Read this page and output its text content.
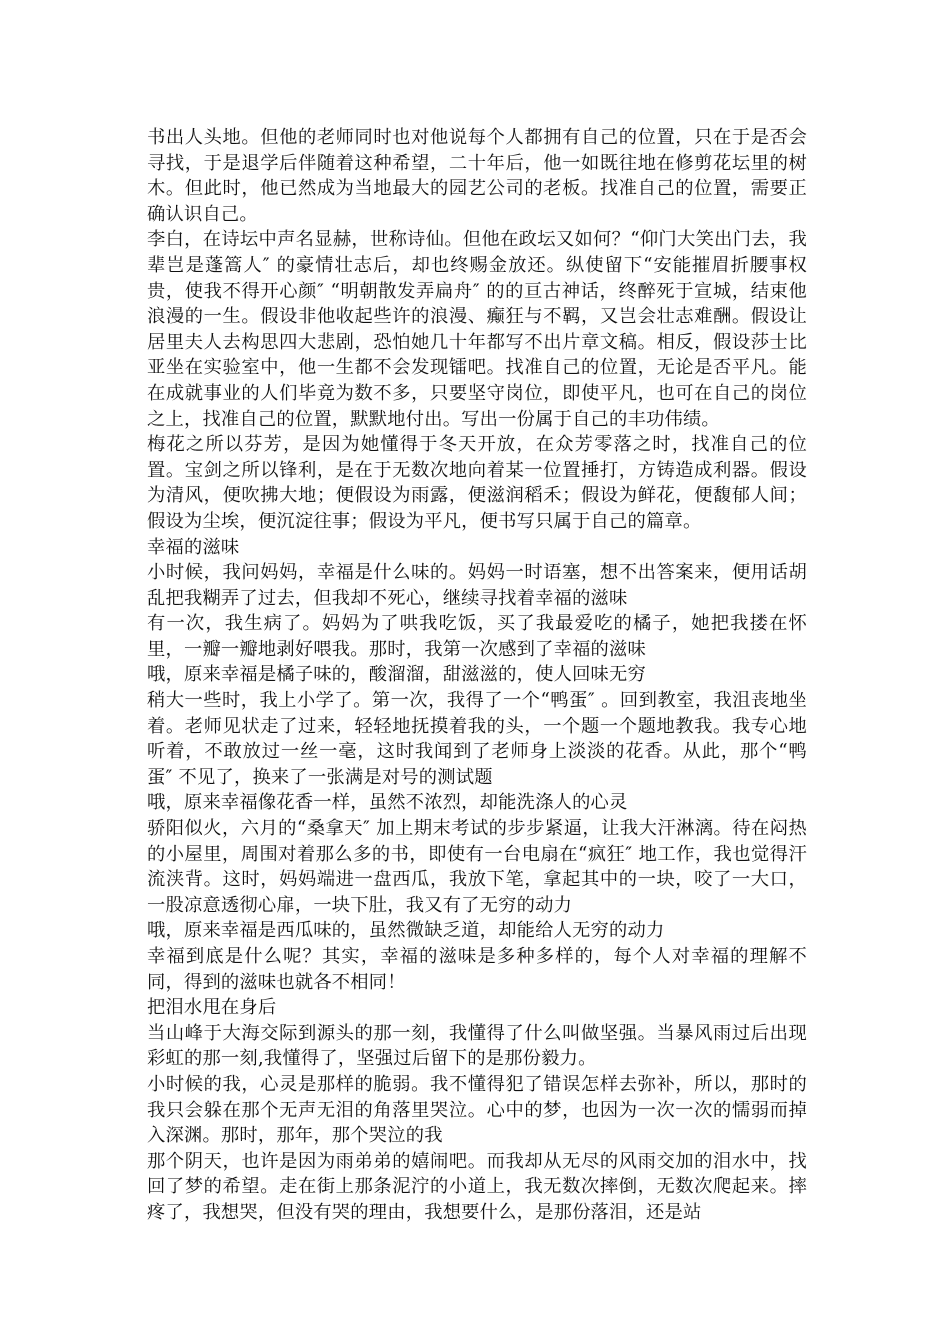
书出人头地。但他的老师同时也对他说每个人都拥有自己的位置，只在于是否会寻找，于是退学后伴随着这种希望，二十年后，他一如既往地在修剪花坛里的树木。但此时，他已然成为当地最大的园艺公司的老板。找准自己的位置，需要正确认识自己。

李白，在诗坛中声名显赫，世称诗仙。但他在政坛又如何？“仰门大笑出门去，我辈岂是蓬篙人″ 的豪情壮志后，却也终赐金放还。纵使留下“安能摧眉折腰事权贵，使我不得开心颜″ “明朝散发弄扁舟″ 的的亘古神话，终醉死于宣城，结束他浪漫的一生。假设非他收起些许的浪漫、癫狂与不羁，又岂会壮志难酬。假设让居里夫人去构思四大悲剧，恐怕她几十年都写不出片章文稿。相反，假设莎士比亚坐在实验室中，他一生都不会发现镭吧。找准自己的位置，无论是否平凡。能在成就事业的人们毕竟为数不多，只要坚守岗位，即使平凡，也可在自己的岗位之上，找准自己的位置，默默地付出。写出一份属于自己的丰功伟绩。

梅花之所以芬芳，是因为她懂得于冬天开放，在众芳零落之时，找准自己的位置。宝剑之所以锋利，是在于无数次地向着某一位置捶打，方铸造成利器。假设为清风，便吹拂大地；便假设为雨露，便滋润稻禾；假设为鲜花，便馥郁人间；假设为尘埃，便沉淀往事；假设为平凡，便书写只属于自己的篇章。

幸福的滋味

小时候，我问妈妈，幸福是什么味的。妈妈一时语塞，想不出答案来，便用话胡乱把我糊弄了过去，但我却不死心，继续寻找着幸福的滋味

有一次，我生病了。妈妈为了哄我吃饭，买了我最爱吃的橘子，她把我搂在怀里，一瓣一瓣地剥好喂我。那时，我第一次感到了幸福的滋味

哦，原来幸福是橘子味的，酸溜溜，甜滋滋的，使人回味无穷

稍大一些时，我上小学了。第一次，我得了一个“鸭蛋″ 。回到教室，我沮丧地坐着。老师见状走了过来，轻轻地抚摸着我的头，一个题一个题地教我。我专心地听着，不敢放过一丝一毫，这时我闻到了老师身上淡淡的花香。从此，那个“鸭蛋″ 不见了，换来了一张满是对号的测试题

哦，原来幸福像花香一样，虽然不浓烈，却能洗涤人的心灵

骄阳似火，六月的“桑拿天″ 加上期末考试的步步紧逼，让我大汗淋漓。待在闷热的小屋里，周围对着那么多的书，即使有一台电扇在“疯狂″ 地工作，我也觉得汗流浃背。这时，妈妈端进一盘西瓜，我放下笔，拿起其中的一块，咬了一大口，一股凉意透彻心扉，一块下肚，我又有了无穷的动力

哦，原来幸福是西瓜味的，虽然微缺乏道，却能给人无穷的动力

幸福到底是什么呢？其实，幸福的滋味是多种多样的，每个人对幸福的理解不同，得到的滋味也就各不相同！

把泪水甩在身后

当山峰于大海交际到源头的那一刻，我懂得了什么叫做坚强。当暴风雨过后出现彩虹的那一刻,我懂得了，坚强过后留下的是那份毅力。

小时候的我，心灵是那样的脆弱。我不懂得犯了错误怎样去弥补，所以，那时的我只会躲在那个无声无泪的角落里哭泣。心中的梦，也因为一次一次的懦弱而掉入深渊。那时，那年，那个哭泣的我

那个阴天，也许是因为雨弟弟的嬉闹吧。而我却从无尽的风雨交加的泪水中，找回了梦的希望。走在街上那条泥泞的小道上，我无数次摔倒，无数次爬起来。摔疼了，我想哭，但没有哭的理由，我想要什么，是那份落泪，还是站
